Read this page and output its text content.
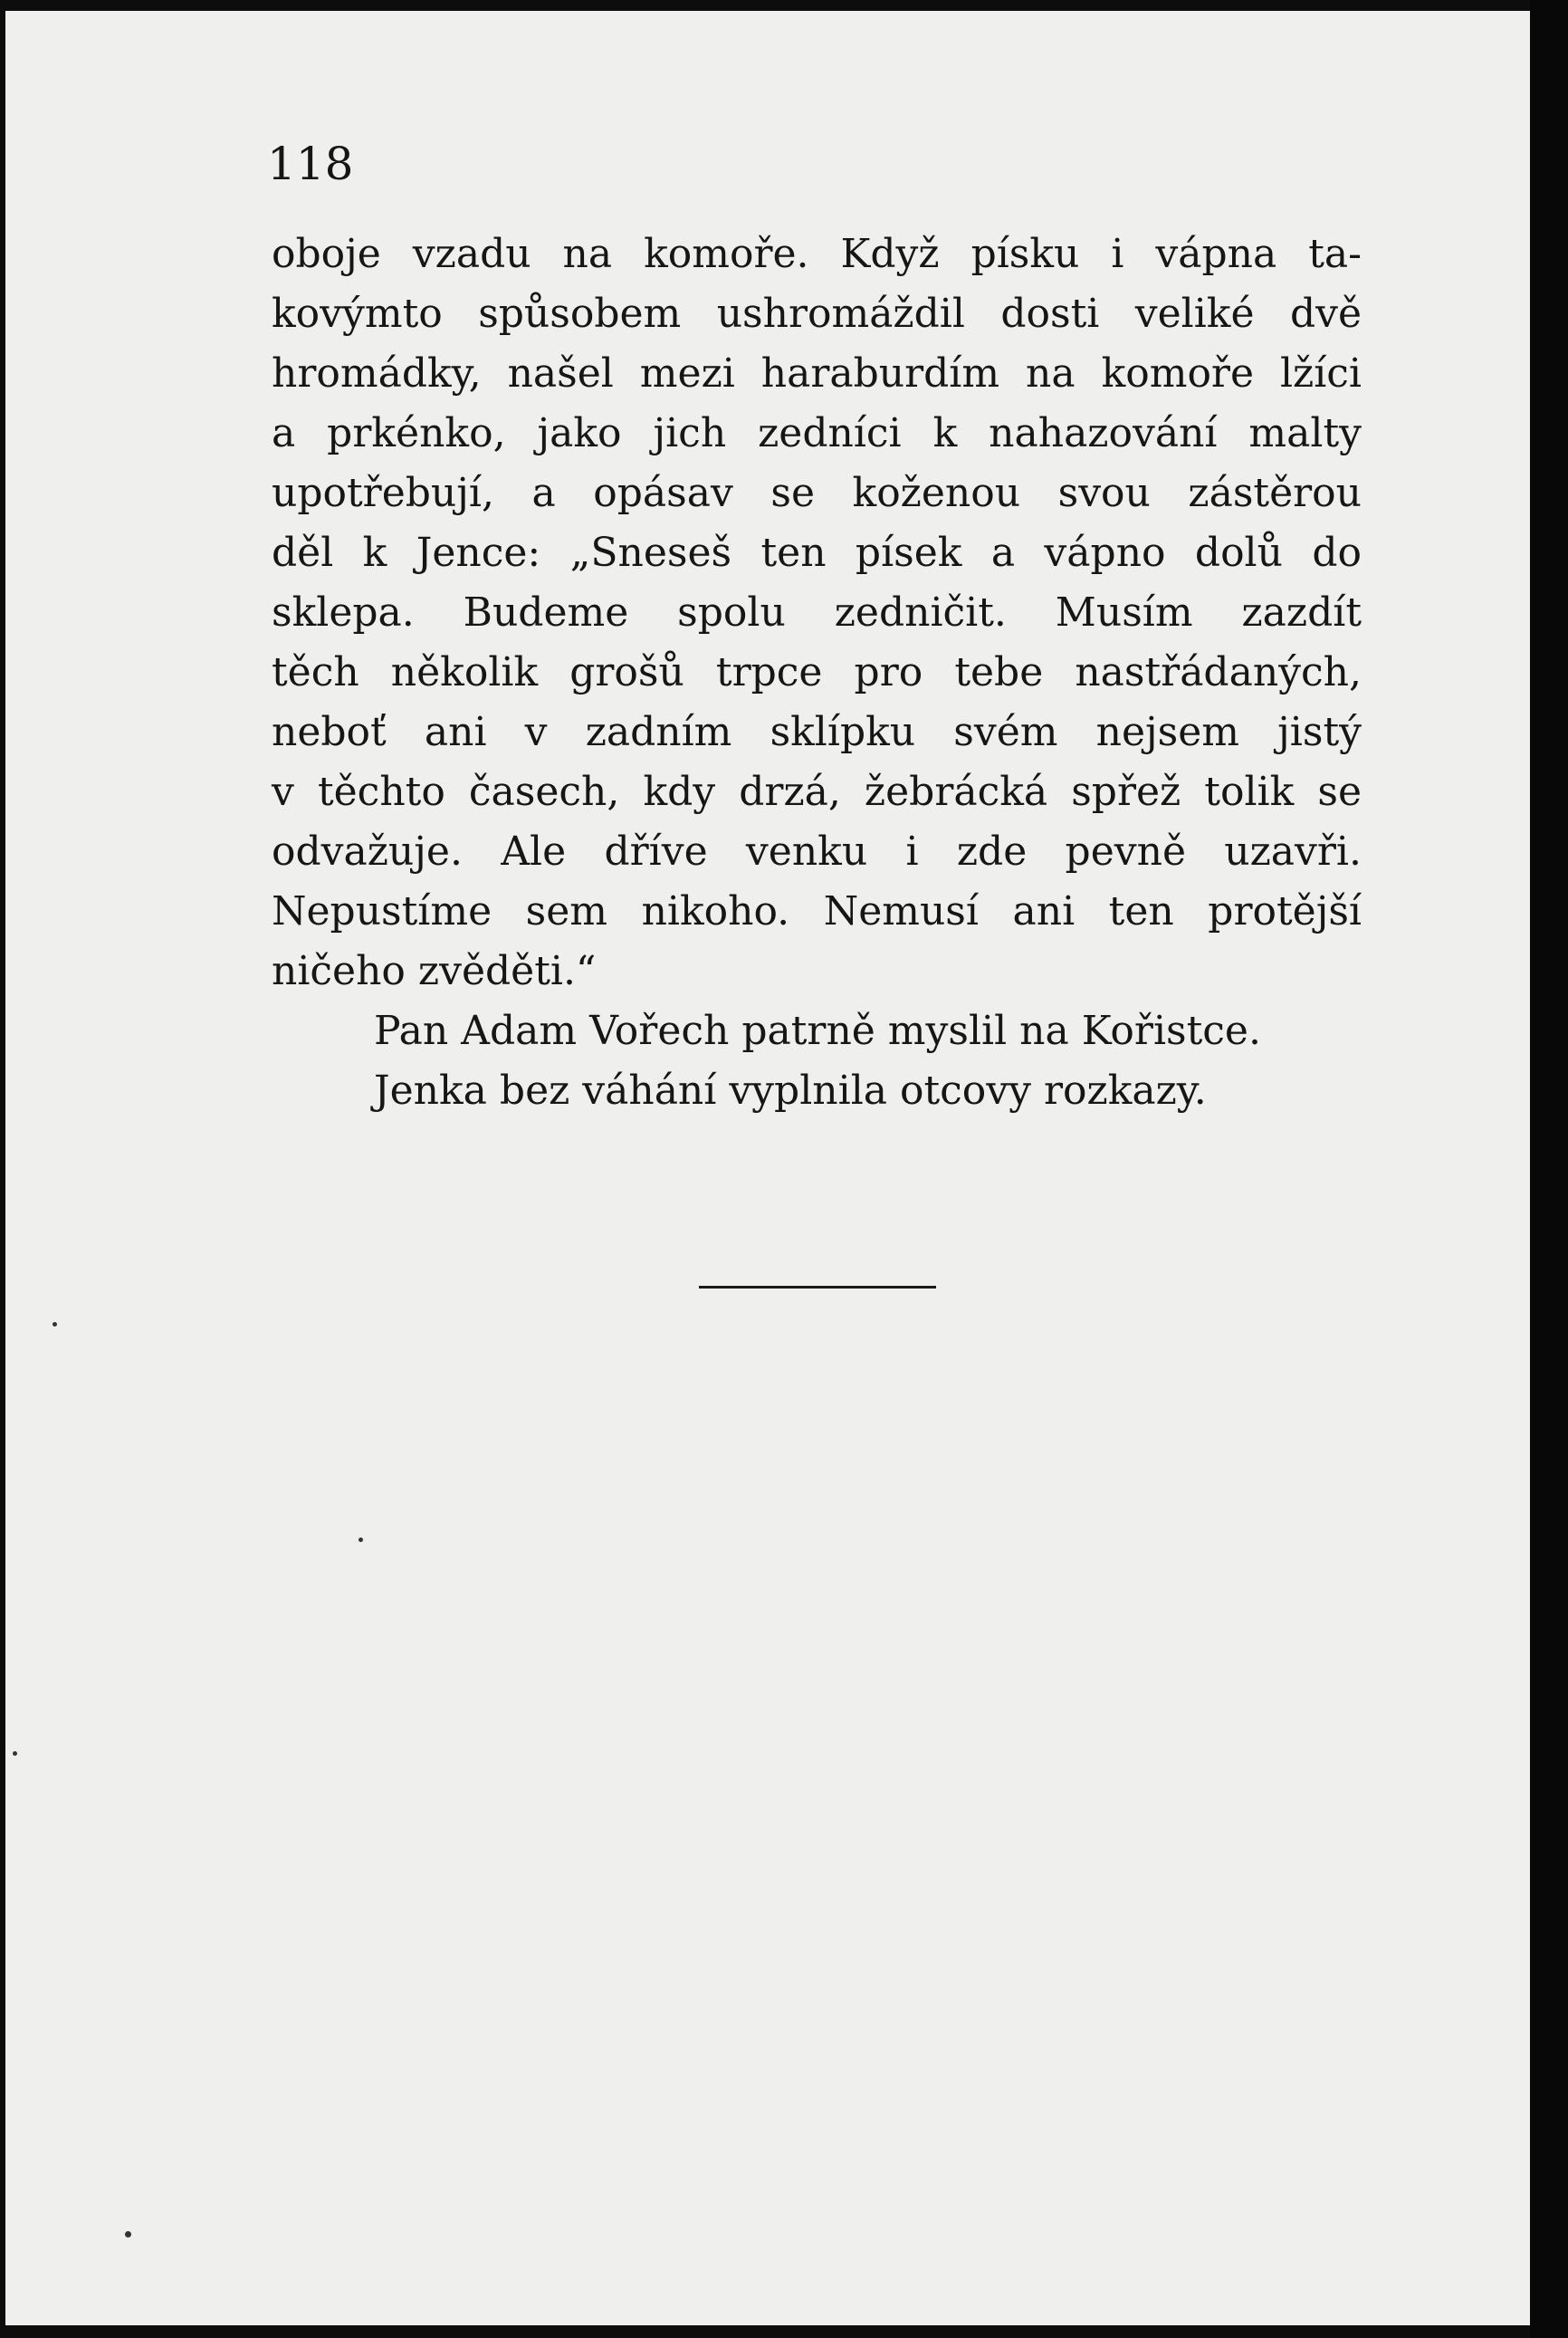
118

oboje vzadu na komoře. Když písku i vápna ta-
kovýmto spůsobem ushromáždil dosti veliké dvě
hromádky, našel mezi haraburdím na komoře lžíci
a prkénko, jako jich zedníci k nahazování malty
upotřebují, a opásav se koženou svou zástěrou
děl k Jence: „Sneseš ten písek a vápno dolů do
sklepa. Budeme spolu zedničit. Musím zazdít
těch několik grošů trpce pro tebe nastřádaných,
neboť ani v zadním sklípku svém nejsem jistý
v těchto časech, kdy drzá, žebrácká spřež tolik se
odvažuje. Ale dříve venku i zde pevně uzavři.
Nepustíme sem nikoho. Nemusí ani ten protější
ničeho zvěděti.“
Pan Adam Vořech patrně myslil na Kořistce.
Jenka bez váhání vyplnila otcovy rozkazy.
